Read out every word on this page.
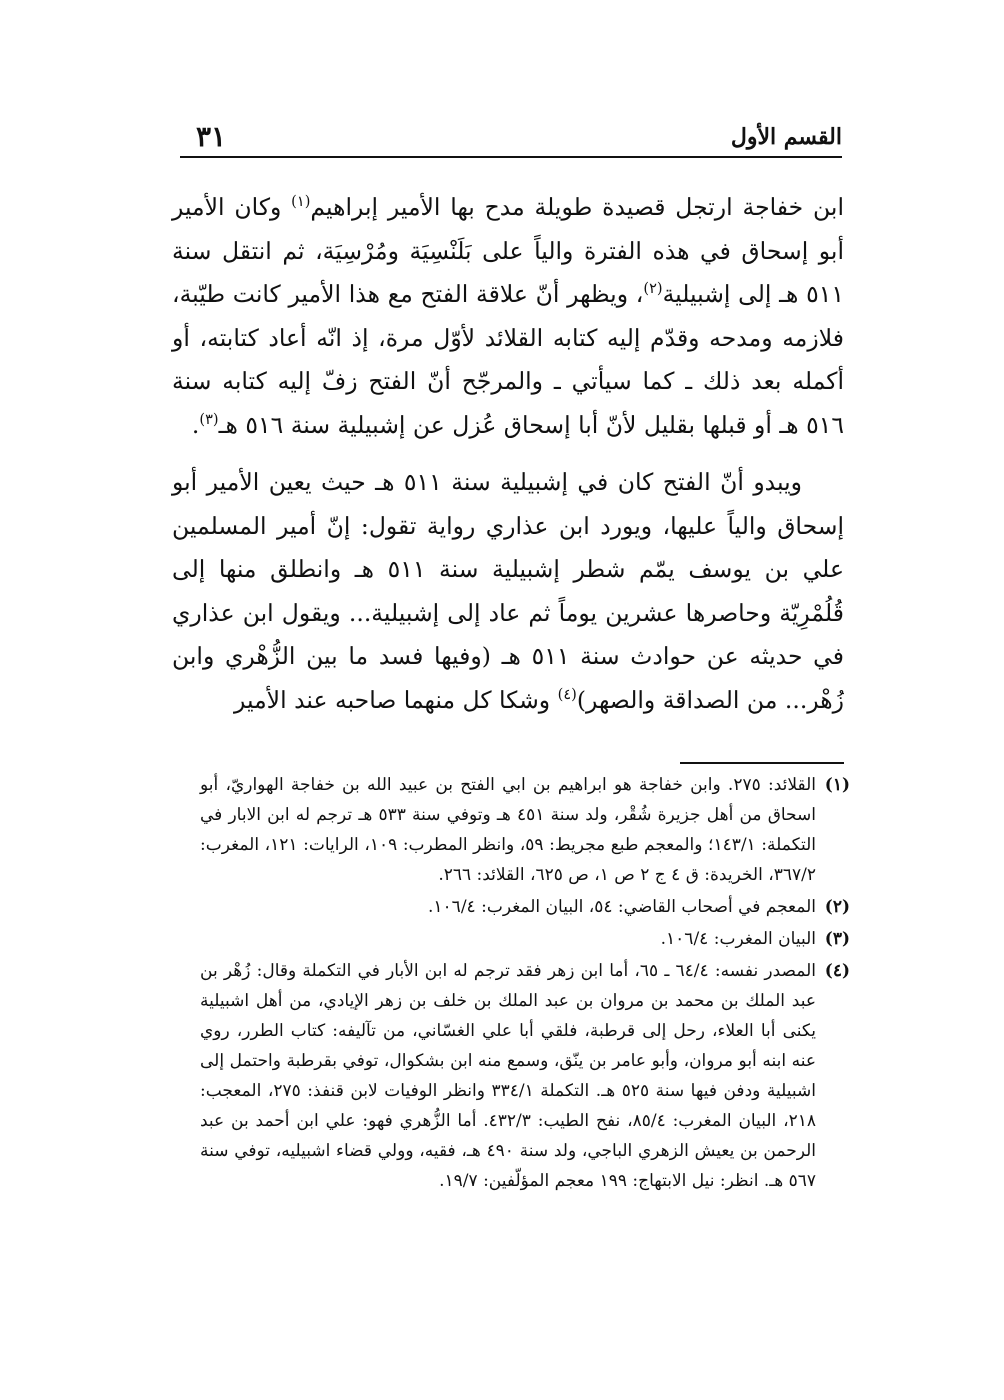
القسم الأول
٣١

ابن خفاجة ارتجل قصيدة طويلة مدح بها الأمير إبراهيم$^{(١)}$ وكان الأمير أبو إسحاق في هذه الفترة والياً على بَلَنْسِيَة ومُرْسِيَة، ثم انتقل سنة ٥١١ هـ إلى إشبيلية$^{(٢)}$، ويظهر أنّ علاقة الفتح مع هذا الأمير كانت طيّبة، فلازمه ومدحه وقدّم إليه كتابه القلائد لأوّل مرة، إذ انّه أعاد كتابته، أو أكمله بعد ذلك ـ كما سيأتي ـ والمرجّح أنّ الفتح زفّ إليه كتابه سنة ٥١٦ هـ أو قبلها بقليل لأنّ أبا إسحاق عُزل عن إشبيلية سنة ٥١٦ هـ$^{(٣)}$.

ويبدو أنّ الفتح كان في إشبيلية سنة ٥١١ هـ حيث يعين الأمير أبو إسحاق والياً عليها، ويورد ابن عذاري رواية تقول: إنّ أمير المسلمين علي بن يوسف يمّم شطر إشبيلية سنة ٥١١ هـ وانطلق منها إلى قُلُمْرِيّة وحاصرها عشرين يوماً ثم عاد إلى إشبيلية... ويقول ابن عذاري في حديثه عن حوادث سنة ٥١١ هـ (وفيها فسد ما بين الزُّهْري وابن زُهْر... من الصداقة والصهر)$^{(٤)}$ وشكا كل منهما صاحبه عند الأمير

(١)
القلائد: ٢٧٥. وابن خفاجة هو ابراهيم بن ابي الفتح بن عبيد الله بن خفاجة الهواريّ، أبو اسحاق من أهل جزيرة شُقْر، ولد سنة ٤٥١ هـ وتوفي سنة ٥٣٣ هـ ترجم له ابن الابار في التكملة: ١٤٣/١؛ والمعجم طبع مجريط: ٥٩، وانظر المطرب: ١٠٩، الرايات: ١٢١، المغرب: ٣٦٧/٢، الخريدة: ق ٤ ج ٢ ص ١، ص ٦٢٥، القلائد: ٢٦٦.
(٢)
المعجم في أصحاب القاضي: ٥٤، البيان المغرب: ١٠٦/٤.
(٣)
البيان المغرب: ١٠٦/٤.
(٤)
المصدر نفسه: ٦٤/٤ ـ ٦٥، أما ابن زهر فقد ترجم له ابن الأبار في التكملة وقال: زُهْر بن عبد الملك بن محمد بن مروان بن عبد الملك بن خلف بن زهر الإيادي، من أهل اشبيلية يكنى أبا العلاء، رحل إلى قرطبة، فلقي أبا علي الغسّاني، من تآليفه: كتاب الطرر، روي عنه ابنه أبو مروان، وأبو عامر بن ينّق، وسمع منه ابن بشكوال، توفي بقرطبة واحتمل إلى اشبيلية ودفن فيها سنة ٥٢٥ هـ. التكملة ٣٣٤/١ وانظر الوفيات لابن قنفذ: ٢٧٥، المعجب: ٢١٨، البيان المغرب: ٨٥/٤، نفح الطيب: ٤٣٢/٣. أما الزُّهري فهو: علي ابن أحمد بن عبد الرحمن بن يعيش الزهري الباجي، ولد سنة ٤٩٠ هـ، فقيه، وولي قضاء اشبيليه، توفي سنة ٥٦٧ هـ. انظر: نيل الابتهاج: ١٩٩ معجم المؤلّفين: ١٩/٧.
